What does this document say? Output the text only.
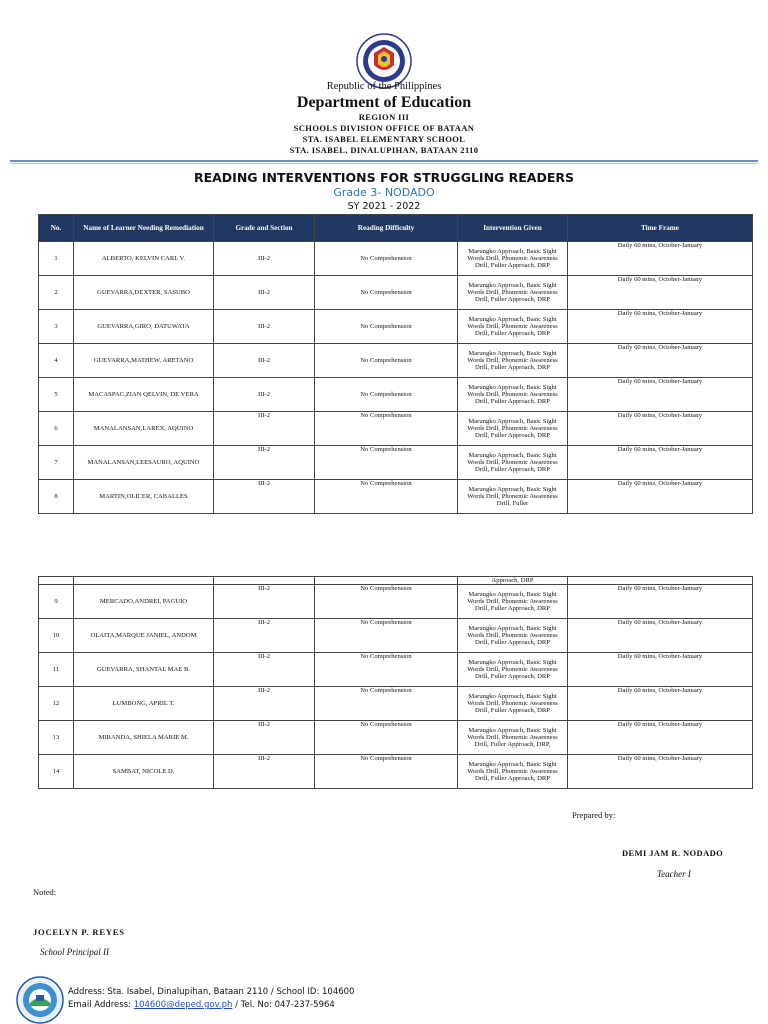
Republic of the Philippines
Department of Education
REGION III
SCHOOLS DIVISION OFFICE OF BATAAN
STA. ISABEL ELEMENTARY SCHOOL
STA. ISABEL, DINALUPIHAN, BATAAN 2110
READING INTERVENTIONS FOR STRUGGLING READERS
Grade 3- NODADO
SY 2021 - 2022
No.	Name of Learner Needing Remediation	Grade and Section	Reading Difficulty	Intervention Given	Time Frame
1	ALBERTO, KELVIN CARL V.	III-2	No Comprehension	Marungko Approach, Basic Sight Words Drill, Phonemic Awareness Drill, Fuller Approach, DRP	Daily 60 mins, October-January
2	GUEVARRA,DEXTER, SASUBO	III-2	No Comprehension	Marungko Approach, Basic Sight Words Drill, Phonemic Awareness Drill, Fuller Approach, DRP	Daily 60 mins, October-January
3	GUEVARRA,GIRO, DATUWATA	III-2	No Comprehension	Marungko Approach, Basic Sight Words Drill, Phonemic Awareness Drill, Fuller Approach, DRP	Daily 60 mins, October-January
4	GUEVARRA,MATHEW, ARETANO	III-2	No Comprehension	Marungko Approach, Basic Sight Words Drill, Phonemic Awareness Drill, Fuller Approach, DRP	Daily 60 mins, October-January
5	MACASPAC,ZIAN QELVIN, DE VERA	III-2	No Comprehension	Marungko Approach, Basic Sight Words Drill, Phonemic Awareness Drill, Fuller Approach, DRP	Daily 60 mins, October-January
6	MANALANSAN,LAREX, AQUINO	III-2	No Comprehension	Marungko Approach, Basic Sight Words Drill, Phonemic Awareness Drill, Fuller Approach, DRP	Daily 60 mins, October-January
7	MANALANSAN,LEESAURO, AQUINO	III-2	No Comprehension	Marungko Approach, Basic Sight Words Drill, Phonemic Awareness Drill, Fuller Approach, DRP	Daily 60 mins, October-January
8	MARTIN,OLICER, CABALLES	III-2	No Comprehension	Marungko Approach, Basic Sight Words Drill, Phonemic Awareness Drill, Fuller	Daily 60 mins, October-January
				Approach, DRP	
9	MERCADO,ANDREI, PAGUIO	III-2	No Comprehension	Marungko Approach, Basic Sight Words Drill, Phonemic Awareness Drill, Fuller Approach, DRP	Daily 60 mins, October-January
10	OLAITA,MARQUE JANIEL, ANDOM	III-2	No Comprehension	Marungko Approach, Basic Sight Words Drill, Phonemic Awareness Drill, Fuller Approach, DRP	Daily 60 mins, October-January
11	GUEVARRA, SHANTAL MAE B.	III-2	No Comprehension	Marungko Approach, Basic Sight Words Drill, Phonemic Awareness Drill, Fuller Approach, DRP	Daily 60 mins, October-January
12	LUMBONG, APRIL T.	III-2	No Comprehension	Marungko Approach, Basic Sight Words Drill, Phonemic Awareness Drill, Fuller Approach, DRP	Daily 60 mins, October-January
13	MIRANDA, SHIELA MARIE M.	III-2	No Comprehension	Marungko Approach, Basic Sight Words Drill, Phonemic Awareness Drill, Fuller Approach, DRP,	Daily 60 mins, October-January
14	SAMBAT, NICOLE D.	III-2	No Comprehension	Marungko Approach, Basic Sight Words Drill, Phonemic Awareness Drill, Fuller Approach, DRP	Daily 60 mins, October-January
Prepared by:
DEMI JAM R. NODADO
Teacher I
Noted:
JOCELYN P. REYES
School Principal II
Address: Sta. Isabel, Dinalupihan, Bataan 2110 / School ID: 104600
Email Address: 104600@deped.gov.ph / Tel. No: 047-237-5964
